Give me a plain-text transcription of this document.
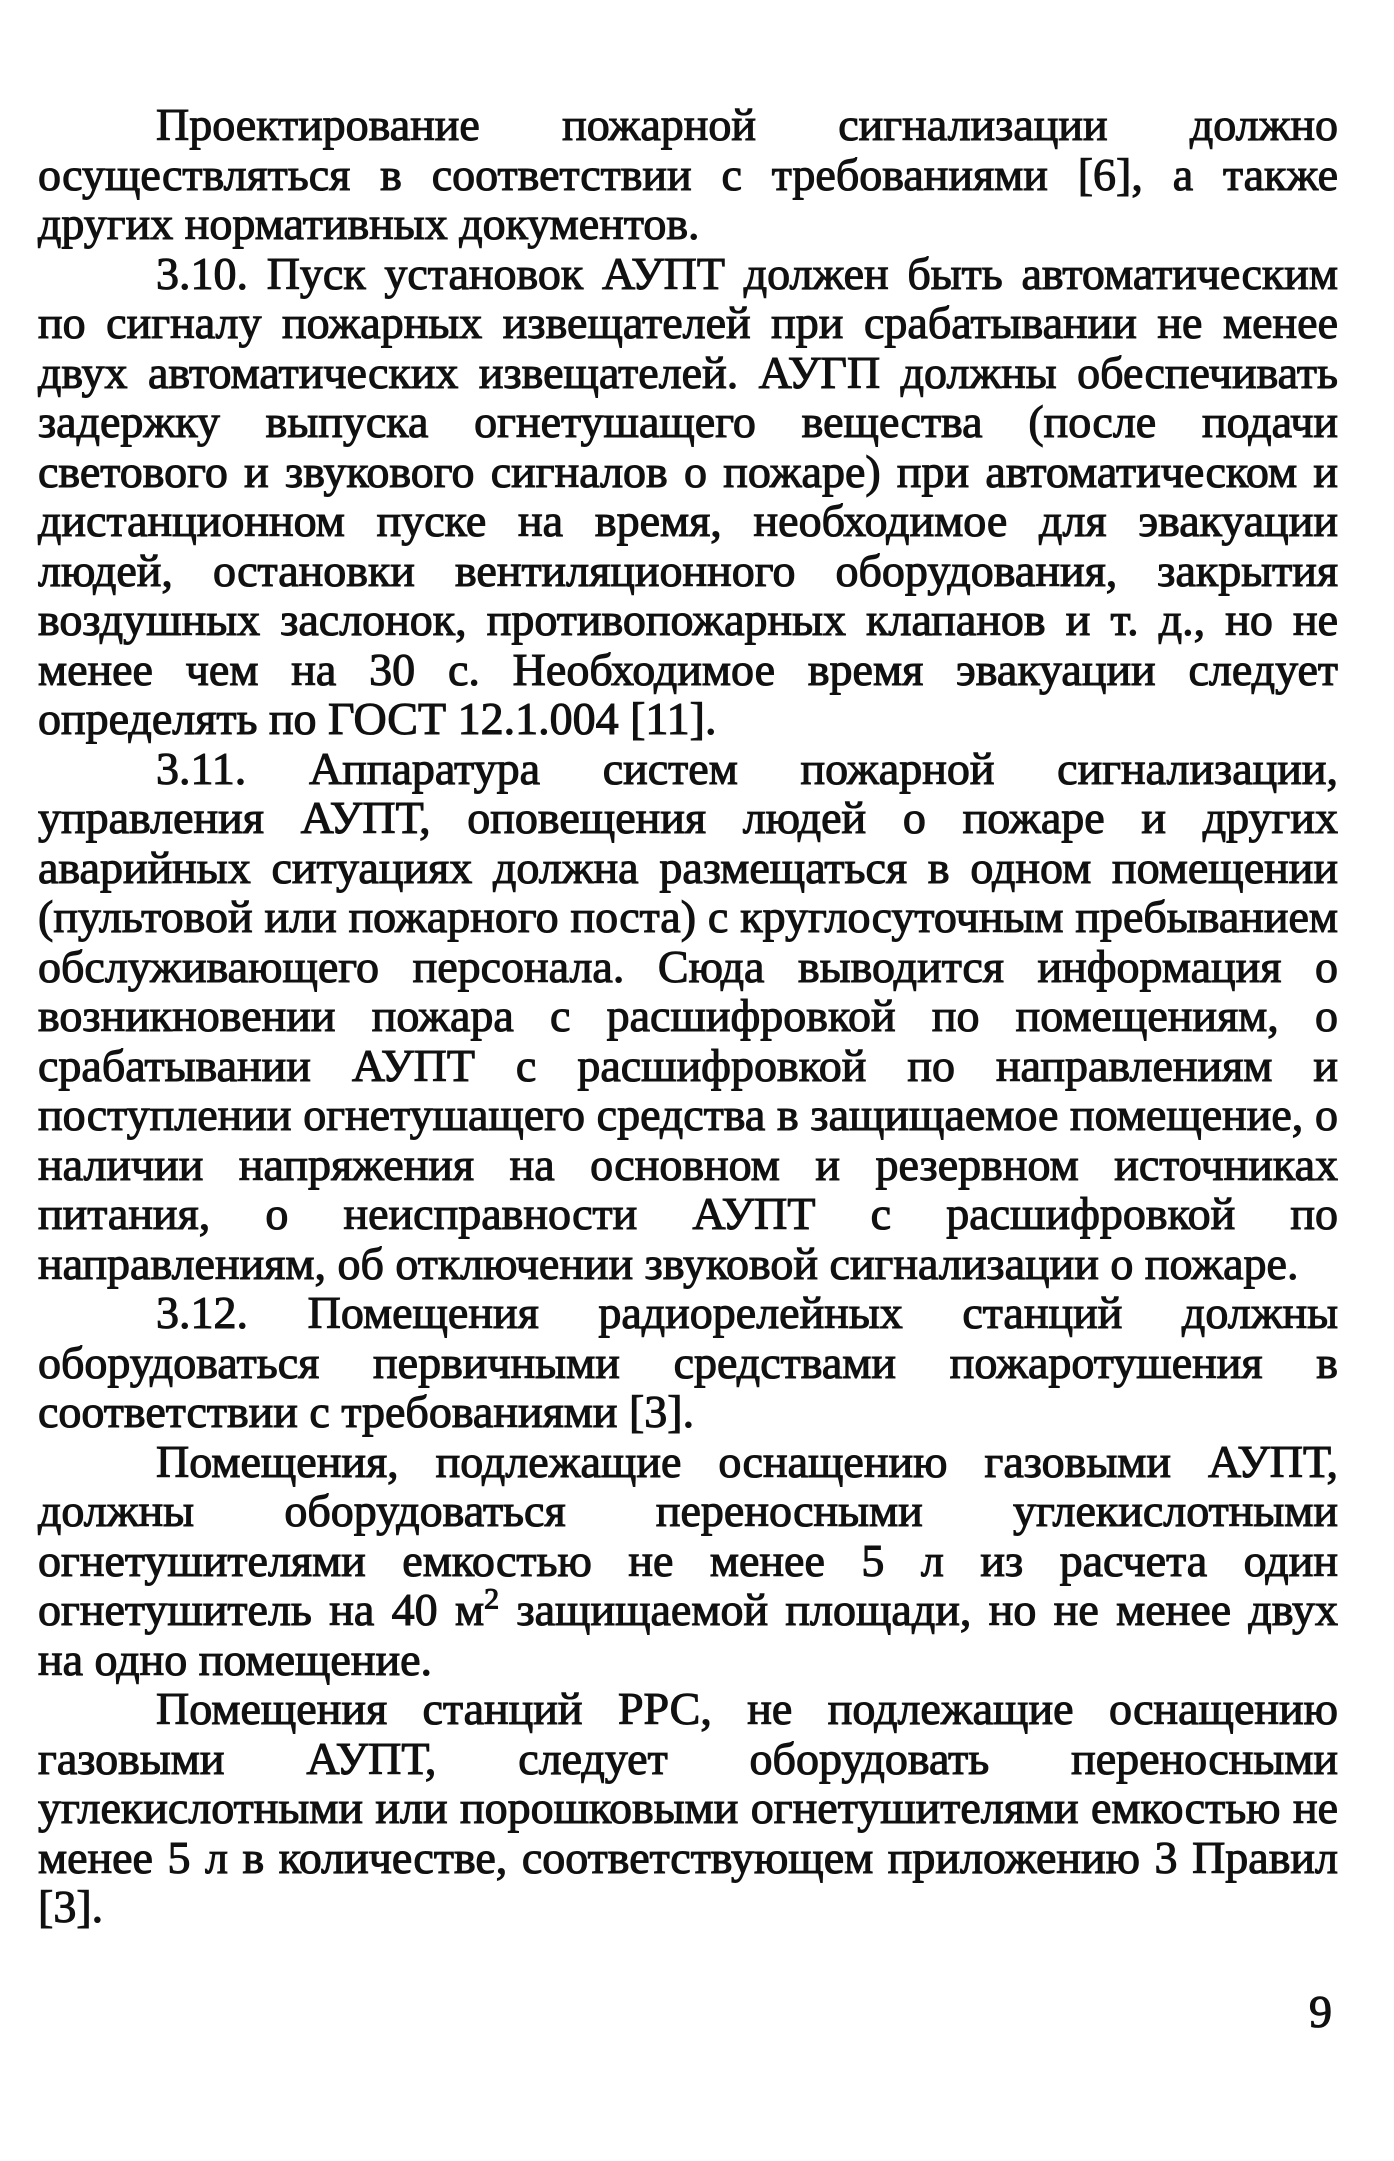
Проектирование пожарной сигнализации должно осуществляться в соответствии с требованиями [6], а также других нормативных документов.

3.10. Пуск установок АУПТ должен быть автоматическим по сигналу пожарных извещателей при срабатывании не менее двух автоматических извещателей. АУГП должны обеспечивать задержку выпуска огнетушащего вещества (после подачи светового и звукового сигналов о пожаре) при автоматическом и дистанционном пуске на время, необходимое для эвакуации людей, остановки вентиляционного оборудования, закрытия воздушных заслонок, противопожарных клапанов и т. д., но не менее чем на 30 с. Необходимое время эвакуации следует определять по ГОСТ 12.1.004 [11].

3.11. Аппаратура систем пожарной сигнализации, управления АУПТ, оповещения людей о пожаре и других аварийных ситуациях должна размещаться в одном помещении (пультовой или пожарного поста) с круглосуточным пребыванием обслуживающего персонала. Сюда выводится информация о возникновении пожара с расшифровкой по помещениям, о срабатывании АУПТ с расшифровкой по направлениям и поступлении огнетушащего средства в защищаемое помещение, о наличии напряжения на основном и резервном источниках питания, о неисправности АУПТ с расшифровкой по направлениям, об отключении звуковой сигнализации о пожаре.

3.12. Помещения радиорелейных станций должны оборудоваться первичными средствами пожаротушения в соответствии с требованиями [3].

Помещения, подлежащие оснащению газовыми АУПТ, должны оборудоваться переносными углекислотными огнетушителями емкостью не менее 5 л из расчета один огнетушитель на 40 $м^2$ защищаемой площади, но не менее двух на одно помещение.

Помещения станций РРС, не подлежащие оснащению газовыми АУПТ, следует оборудовать переносными углекислотными или порошковыми огнетушителями емкостью не менее 5 л в количестве, соответствующем приложению 3 Правил [3].

9
